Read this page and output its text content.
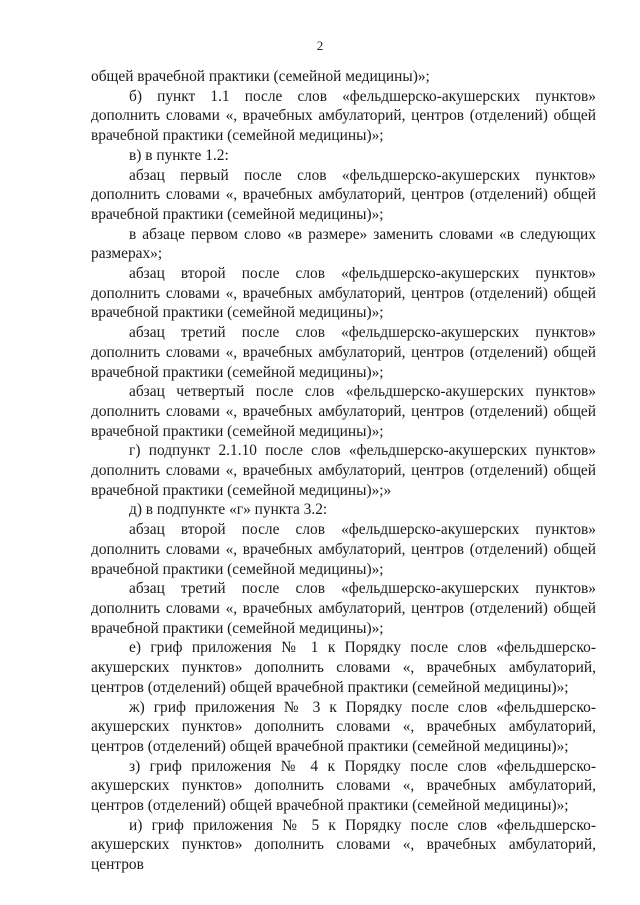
2

общей врачебной практики (семейной медицины)»;

б) пункт 1.1 после слов «фельдшерско-акушерских пунктов» дополнить словами «, врачебных амбулаторий, центров (отделений) общей врачебной практики (семейной медицины)»;

в) в пункте 1.2:

абзац первый после слов «фельдшерско-акушерских пунктов» дополнить словами «, врачебных амбулаторий, центров (отделений) общей врачебной практики (семейной медицины)»;

в абзаце первом слово «в размере» заменить словами «в следующих размерах»;

абзац второй после слов «фельдшерско-акушерских пунктов» дополнить словами «, врачебных амбулаторий, центров (отделений) общей врачебной практики (семейной медицины)»;

абзац третий после слов «фельдшерско-акушерских пунктов» дополнить словами «, врачебных амбулаторий, центров (отделений) общей врачебной практики (семейной медицины)»;

абзац четвертый после слов «фельдшерско-акушерских пунктов» дополнить словами «, врачебных амбулаторий, центров (отделений) общей врачебной практики (семейной медицины)»;

г) подпункт 2.1.10 после слов «фельдшерско-акушерских пунктов» дополнить словами «, врачебных амбулаторий, центров (отделений) общей врачебной практики (семейной медицины)»;»

д) в подпункте «г» пункта 3.2:

абзац второй после слов «фельдшерско-акушерских пунктов» дополнить словами «, врачебных амбулаторий, центров (отделений) общей врачебной практики (семейной медицины)»;

абзац третий после слов «фельдшерско-акушерских пунктов» дополнить словами «, врачебных амбулаторий, центров (отделений) общей врачебной практики (семейной медицины)»;

е) гриф приложения № 1 к Порядку после слов «фельдшерско-акушерских пунктов» дополнить словами «, врачебных амбулаторий, центров (отделений) общей врачебной практики (семейной медицины)»;

ж) гриф приложения № 3 к Порядку после слов «фельдшерско-акушерских пунктов» дополнить словами «, врачебных амбулаторий, центров (отделений) общей врачебной практики (семейной медицины)»;

з) гриф приложения № 4 к Порядку после слов «фельдшерско-акушерских пунктов» дополнить словами «, врачебных амбулаторий, центров (отделений) общей врачебной практики (семейной медицины)»;

и) гриф приложения № 5 к Порядку после слов «фельдшерско-акушерских пунктов» дополнить словами «, врачебных амбулаторий, центров
